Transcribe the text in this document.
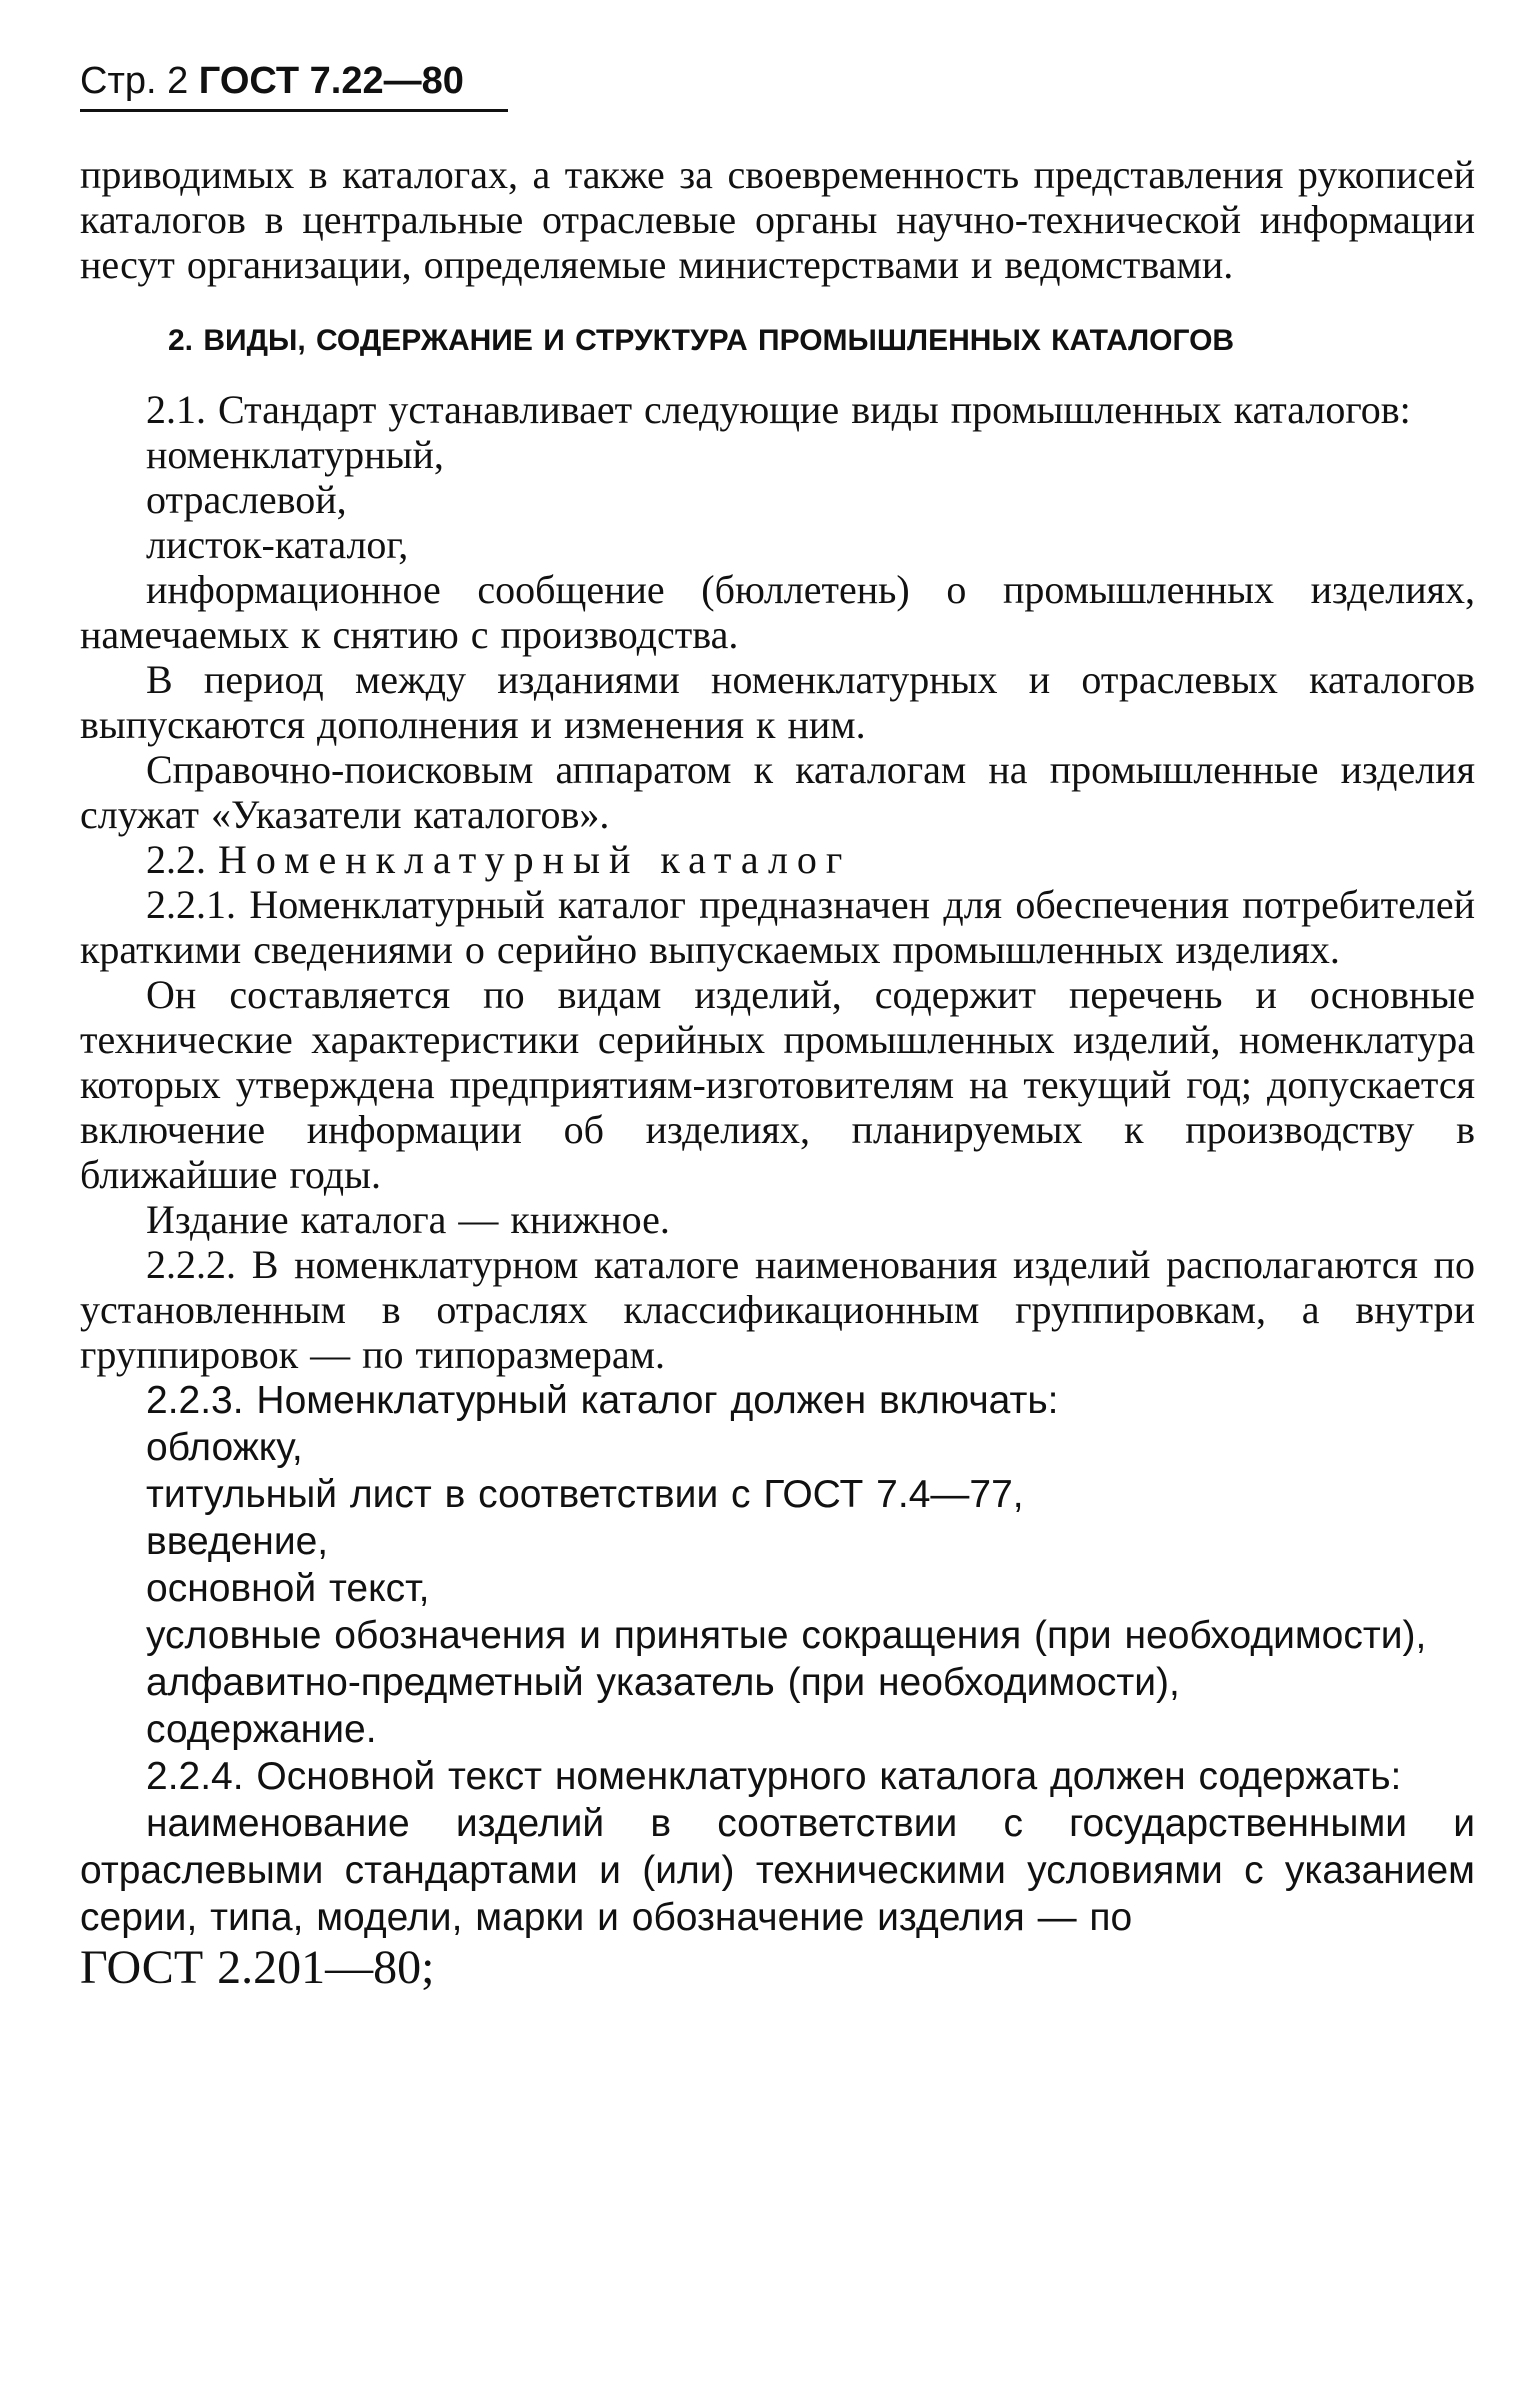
Стр. 2 ГОСТ 7.22—80

приводимых в каталогах, а также за своевременность представления рукописей каталогов в центральные отраслевые органы научно-технической информации несут организации, определяемые министерствами и ведомствами.

2. ВИДЫ, СОДЕРЖАНИЕ И СТРУКТУРА ПРОМЫШЛЕННЫХ КАТАЛОГОВ

2.1. Стандарт устанавливает следующие виды промышленных каталогов:

номенклатурный,

отраслевой,

листок-каталог,

информационное сообщение (бюллетень) о промышленных изделиях, намечаемых к снятию с производства.

В период между изданиями номенклатурных и отраслевых каталогов выпускаются дополнения и изменения к ним.

Справочно-поисковым аппаратом к каталогам на промышленные изделия служат «Указатели каталогов».

2.2. Номенклатурный каталог

2.2.1. Номенклатурный каталог предназначен для обеспечения потребителей краткими сведениями о серийно выпускаемых промышленных изделиях.

Он составляется по видам изделий, содержит перечень и основные технические характеристики серийных промышленных изделий, номенклатура которых утверждена предприятиям-изготовителям на текущий год; допускается включение информации об изделиях, планируемых к производству в ближайшие годы.

Издание каталога — книжное.

2.2.2. В номенклатурном каталоге наименования изделий располагаются по установленным в отраслях классификационным группировкам, а внутри группировок — по типоразмерам.

2.2.3. Номенклатурный каталог должен включать:

обложку,

титульный лист в соответствии с ГОСТ 7.4—77,

введение,

основной текст,

условные обозначения и принятые сокращения (при необходимости),

алфавитно-предметный указатель (при необходимости),

содержание.

2.2.4. Основной текст номенклатурного каталога должен содержать:

наименование изделий в соответствии с государственными и отраслевыми стандартами и (или) техническими условиями с указанием серии, типа, модели, марки и обозначение изделия — по

ГОСТ 2.201—80;
